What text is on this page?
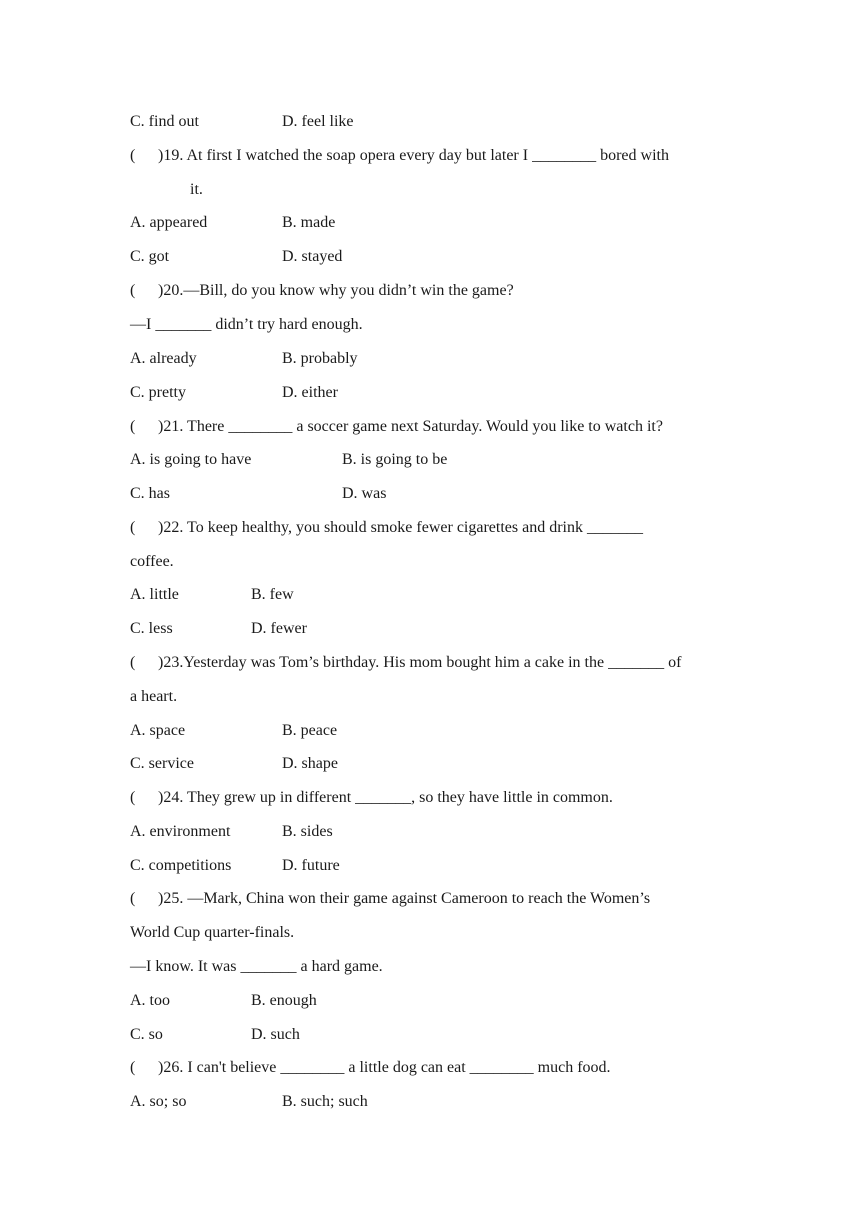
C. find out	D. feel like
( )19. At first I watched the soap opera every day but later I ________ bored with
it.
A. appeared	B. made
C. got	D. stayed
( )20.—Bill, do you know why you didn’t win the game?
—I _______ didn’t try hard enough.
A. already	B. probably
C. pretty	D. either
( )21. There ________ a soccer game next Saturday. Would you like to watch it?
A. is going to have	B. is going to be
C. has	D. was
( )22. To keep healthy, you should smoke fewer cigarettes and drink _______
coffee.
A. little	B. few
C. less	D. fewer
( )23.Yesterday was Tom’s birthday. His mom bought him a cake in the _______ of
a heart.
A. space	B. peace
C. service	D. shape
( )24. They grew up in different _______, so they have little in common.
A. environment	B. sides
C. competitions	D. future
( )25. —Mark, China won their game against Cameroon to reach the Women’s
World Cup quarter-finals.
—I know. It was _______ a hard game.
A. too	B. enough
C. so	D. such
( )26. I can't believe ________ a little dog can eat ________ much food.
A. so; so	B. such; such
